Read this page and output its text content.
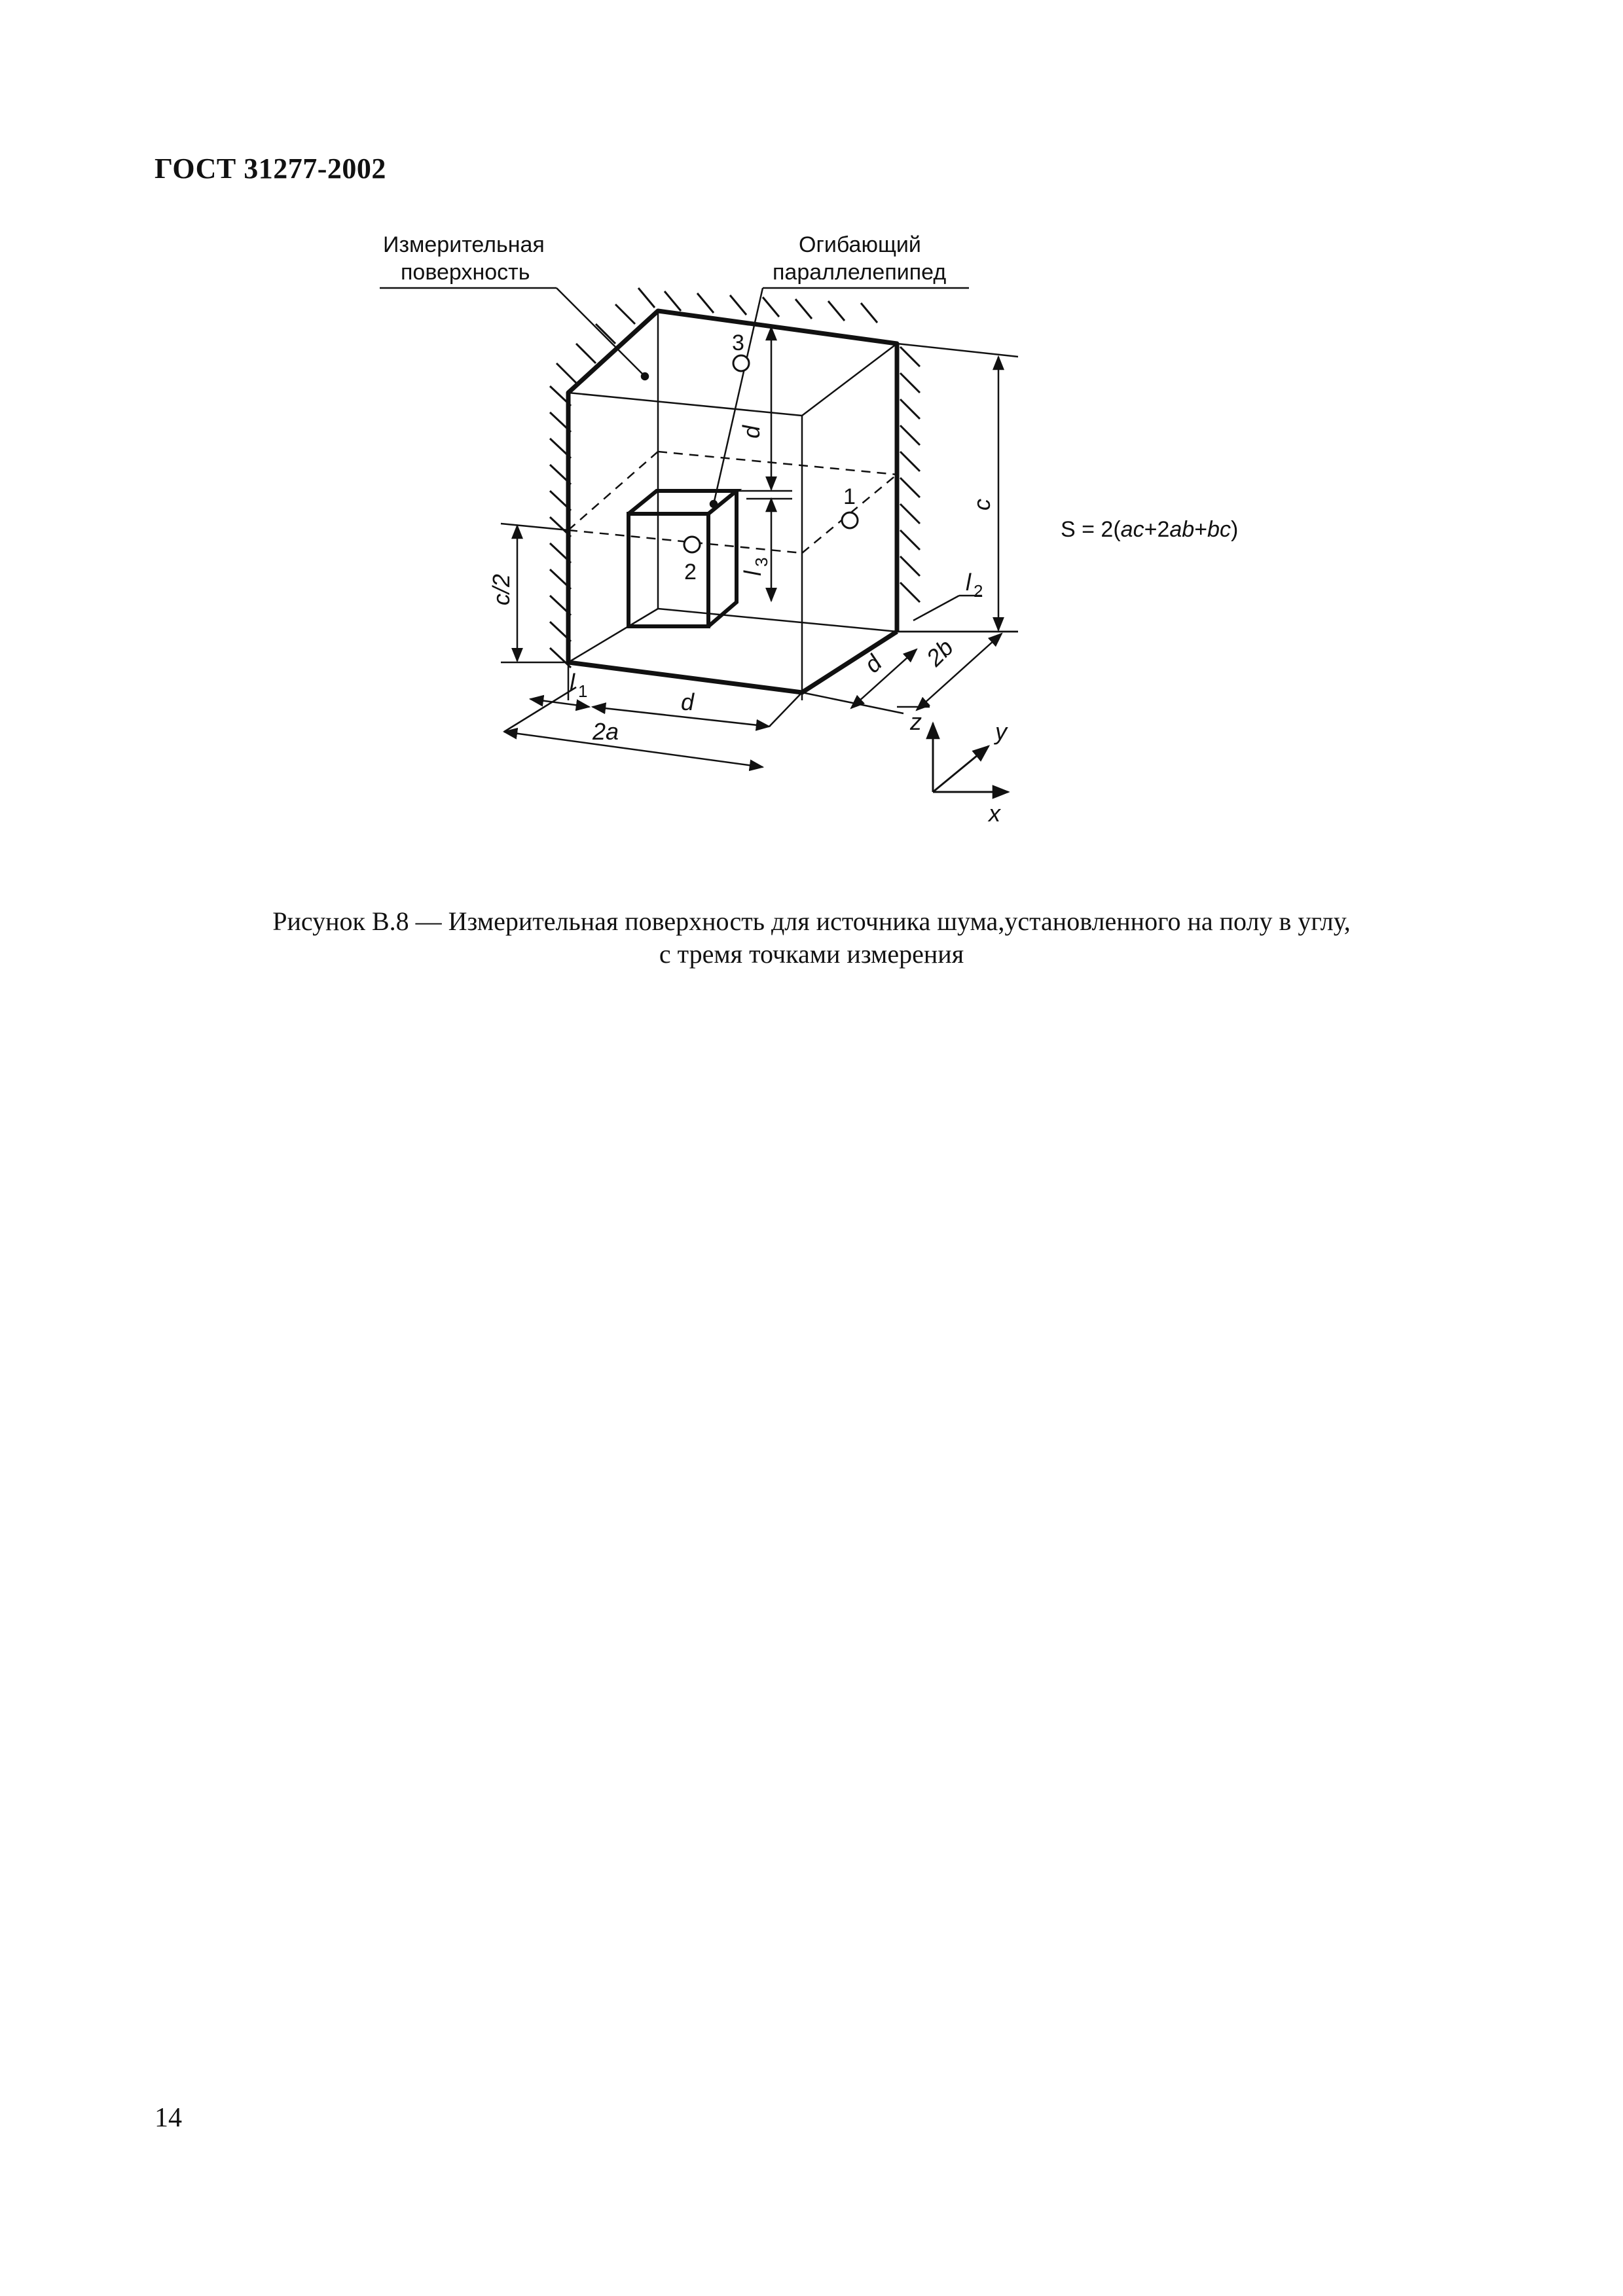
ГОСТ 31277-2002
3
1
2
d
l
3
c
c/2	l 2
d 2b
l 1	d
2a	z	y
x
Измерительная
поверхность
Огибающий
параллелепипед
S = 2(ac+2ab+bc)
Рисунок В.8 — Измерительная поверхность для источника шума,установленного на полу в углу,
с тремя точками измерения
14
